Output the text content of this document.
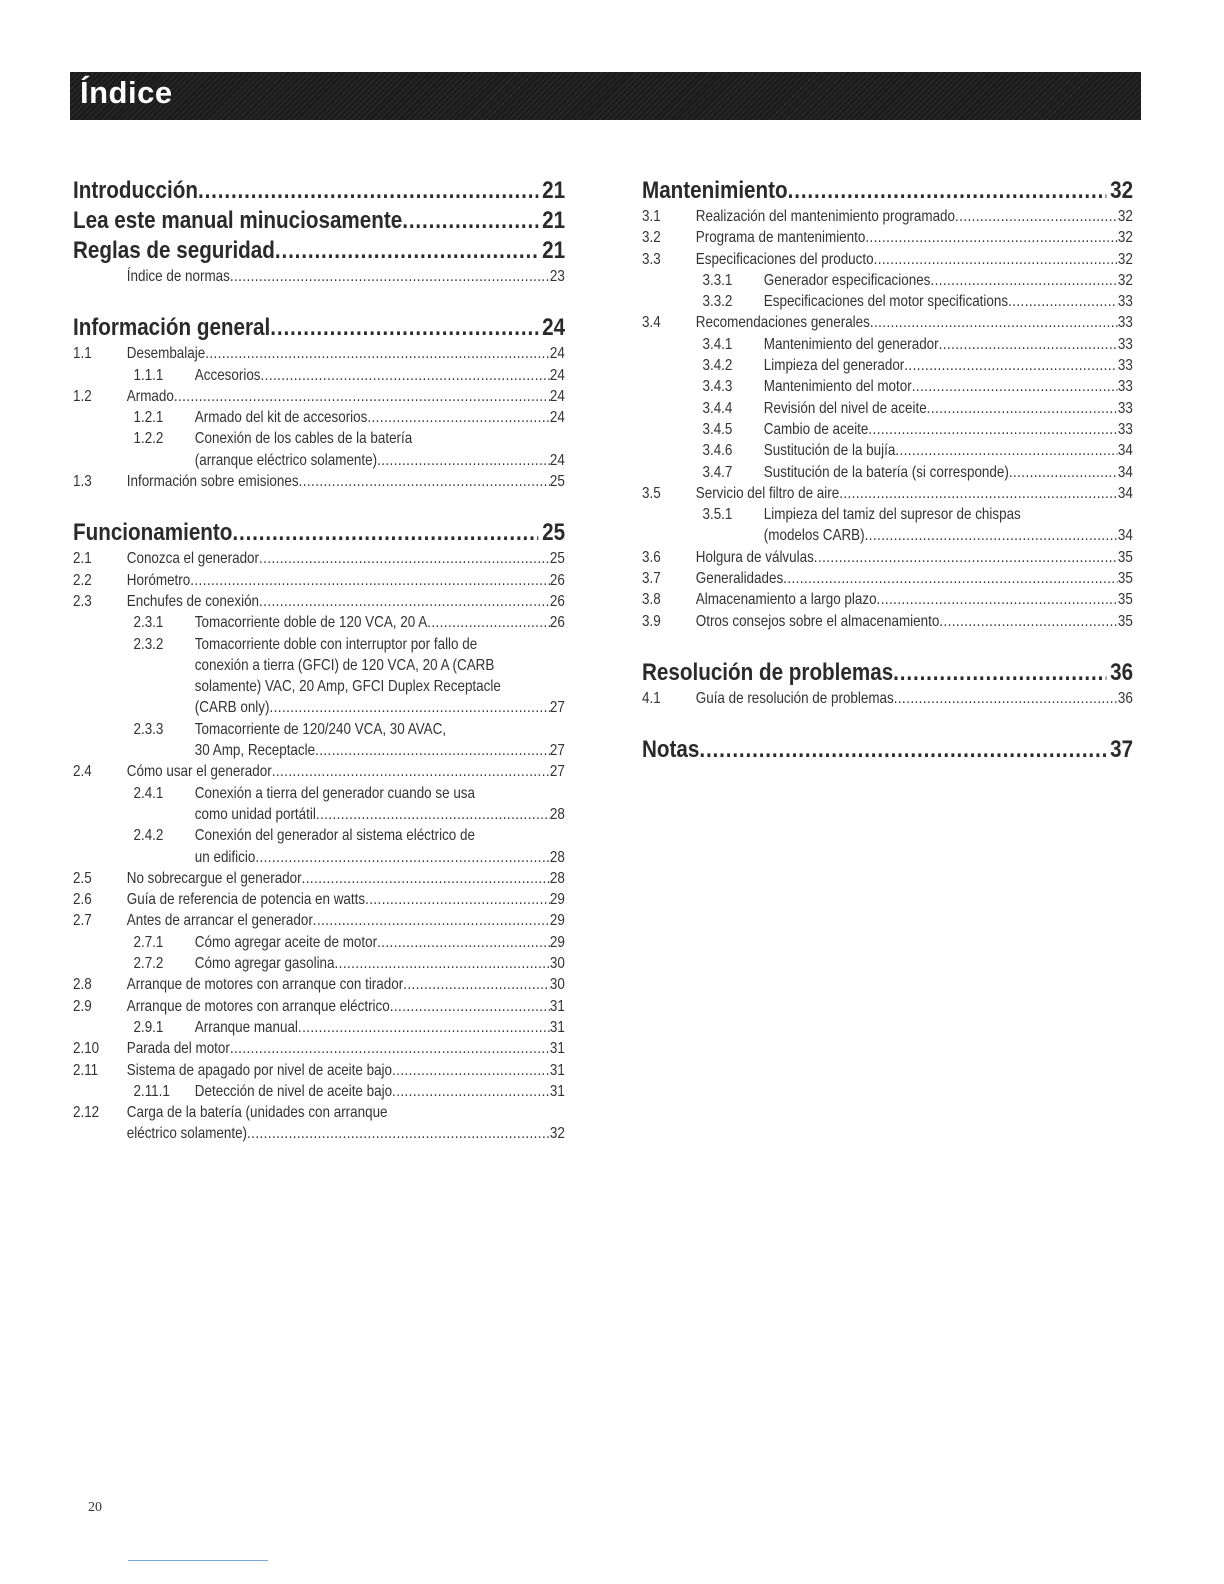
Índice
Introducción .....	21
Lea este manual minuciosamente .....	21
Reglas de seguridad .....	21
Índice de normas .....	23
Información general .....	24
1.1	Desembalaje .....	24
1.1.1	Accesorios .....	24
1.2	Armado .....	24
1.2.1	Armado del kit de accesorios .....	24
1.2.2	Conexión de los cables de la batería
(arranque eléctrico solamente) .....	24
1.3	Información sobre emisiones .....	25
Funcionamiento .....	25
2.1	Conozca el generador .....	25
2.2	Horómetro .....	26
2.3	Enchufes de conexión .....	26
2.3.1	Tomacorriente doble de 120 VCA, 20 A .....	26
2.3.2	Tomacorriente doble con interruptor por fallo de
conexión a tierra (GFCI) de 120 VCA, 20 A (CARB
solamente) VAC, 20 Amp, GFCI Duplex Receptacle
(CARB only) .....	27
2.3.3	Tomacorriente de 120/240 VCA, 30 AVAC,
30 Amp, Receptacle .....	27
2.4	Cómo usar el generador .....	27
2.4.1	Conexión a tierra del generador cuando se usa
como unidad portátil .....	28
2.4.2	Conexión del generador al sistema eléctrico de
un edificio .....	28
2.5	No sobrecargue el generador .....	28
2.6	Guía de referencia de potencia en watts .....	29
2.7	Antes de arrancar el generador .....	29
2.7.1	Cómo agregar aceite de motor .....	29
2.7.2	Cómo agregar gasolina .....	30
2.8	Arranque de motores con arranque con tirador .....	30
2.9	Arranque de motores con arranque eléctrico .....	31
2.9.1	Arranque manual .....	31
2.10	Parada del motor .....	31
2.11	Sistema de apagado por nivel de aceite bajo .....	31
2.11.1	Detección de nivel de aceite bajo .....	31
2.12	Carga de la batería (unidades con arranque
eléctrico solamente) .....	32
Mantenimiento .....	32
3.1	Realización del mantenimiento programado .....	32
3.2	Programa de mantenimiento .....	32
3.3	Especificaciones del producto .....	32
3.3.1	Generador especificaciones .....	32
3.3.2	Especificaciones del motor specifications .....	33
3.4	Recomendaciones generales .....	33
3.4.1	Mantenimiento del generador .....	33
3.4.2	Limpieza del generador .....	33
3.4.3	Mantenimiento del motor .....	33
3.4.4	Revisión del nivel de aceite .....	33
3.4.5	Cambio de aceite .....	33
3.4.6	Sustitución de la bujía .....	34
3.4.7	Sustitución de la batería (si corresponde) .....	34
3.5	Servicio del filtro de aire .....	34
3.5.1	Limpieza del tamiz del supresor de chispas
(modelos CARB) .....	34
3.6	Holgura de válvulas .....	35
3.7	Generalidades .....	35
3.8	Almacenamiento a largo plazo .....	35
3.9	Otros consejos sobre el almacenamiento .....	35
Resolución de problemas .....	36
4.1	Guía de resolución de problemas .....	36
Notas .....	37
20
